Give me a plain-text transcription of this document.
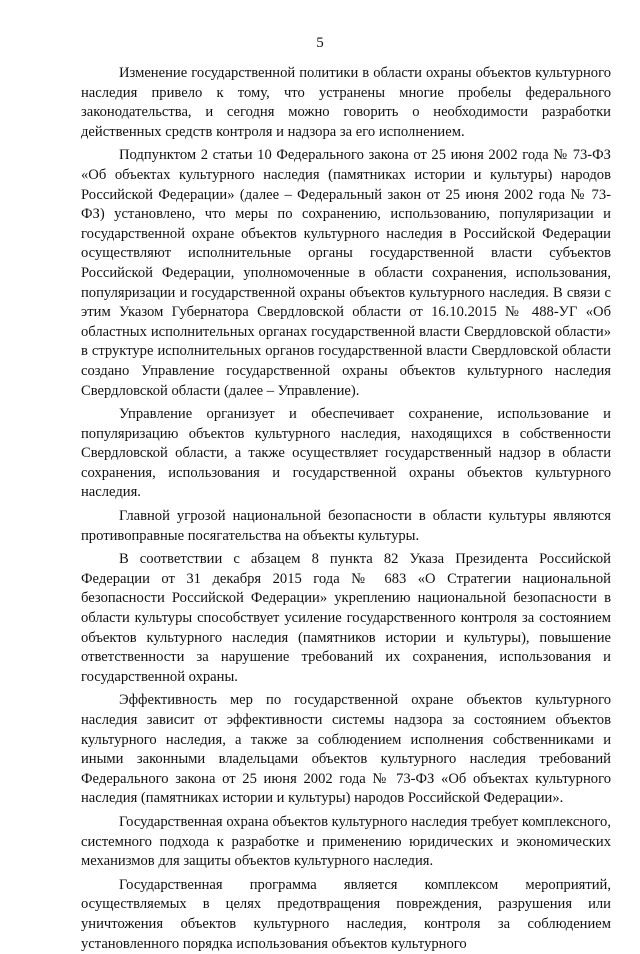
5

Изменение государственной политики в области охраны объектов культурного наследия привело к тому, что устранены многие пробелы федерального законодательства, и сегодня можно говорить о необходимости разработки действенных средств контроля и надзора за его исполнением.

Подпунктом 2 статьи 10 Федерального закона от 25 июня 2002 года № 73-ФЗ «Об объектах культурного наследия (памятниках истории и культуры) народов Российской Федерации» (далее – Федеральный закон от 25 июня 2002 года № 73-ФЗ) установлено, что меры по сохранению, использованию, популяризации и государственной охране объектов культурного наследия в Российской Федерации осуществляют исполнительные органы государственной власти субъектов Российской Федерации, уполномоченные в области сохранения, использования, популяризации и государственной охраны объектов культурного наследия. В связи с этим Указом Губернатора Свердловской области от 16.10.2015 № 488-УГ «Об областных исполнительных органах государственной власти Свердловской области» в структуре исполнительных органов государственной власти Свердловской области создано Управление государственной охраны объектов культурного наследия Свердловской области (далее – Управление).

Управление организует и обеспечивает сохранение, использование и популяризацию объектов культурного наследия, находящихся в собственности Свердловской области, а также осуществляет государственный надзор в области сохранения, использования и государственной охраны объектов культурного наследия.

Главной угрозой национальной безопасности в области культуры являются противоправные посягательства на объекты культуры.

В соответствии с абзацем 8 пункта 82 Указа Президента Российской Федерации от 31 декабря 2015 года № 683 «О Стратегии национальной безопасности Российской Федерации» укреплению национальной безопасности в области культуры способствует усиление государственного контроля за состоянием объектов культурного наследия (памятников истории и культуры), повышение ответственности за нарушение требований их сохранения, использования и государственной охраны.

Эффективность мер по государственной охране объектов культурного наследия зависит от эффективности системы надзора за состоянием объектов культурного наследия, а также за соблюдением исполнения собственниками и иными законными владельцами объектов культурного наследия требований Федерального закона от 25 июня 2002 года № 73-ФЗ «Об объектах культурного наследия (памятниках истории и культуры) народов Российской Федерации».

Государственная охрана объектов культурного наследия требует комплексного, системного подхода к разработке и применению юридических и экономических механизмов для защиты объектов культурного наследия.

Государственная программа является комплексом мероприятий, осуществляемых в целях предотвращения повреждения, разрушения или уничтожения объектов культурного наследия, контроля за соблюдением установленного порядка использования объектов культурного
